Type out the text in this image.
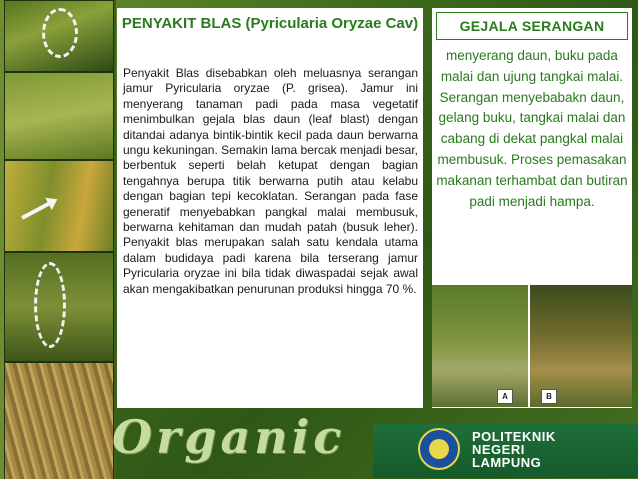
PENYAKIT BLAS (Pyricularia Oryzae Cav)
Penyakit Blas disebabkan oleh meluasnya serangan jamur Pyricularia oryzae (P. grisea). Jamur ini menyerang tanaman padi pada masa vegetatif menimbulkan gejala blas daun (leaf blast) dengan ditandai adanya bintik-bintik kecil pada daun berwarna ungu kekuningan. Semakin lama bercak menjadi besar, berbentuk seperti belah ketupat dengan bagian tengahnya berupa titik berwarna putih atau kelabu dengan bagian tepi kecoklatan. Serangan pada fase generatif menyebabkan pangkal malai membusuk, berwarna kehitaman dan mudah patah (busuk leher). Penyakit blas merupakan salah satu kendala utama dalam budidaya padi karena bila terserang jamur Pyricularia oryzae ini bila tidak diwaspadai sejak awal akan mengakibatkan penurunan produksi hingga 70 %.
GEJALA SERANGAN
menyerang daun, buku pada malai dan ujung tangkai malai. Serangan menyebabakn daun, gelang buku, tangkai malai dan cabang di dekat pangkal malai membusuk. Proses pemasakan makanan terhambat dan butiran padi menjadi hampa.
A	B
Organic	POLITEKNIK
NEGERI
LAMPUNG
